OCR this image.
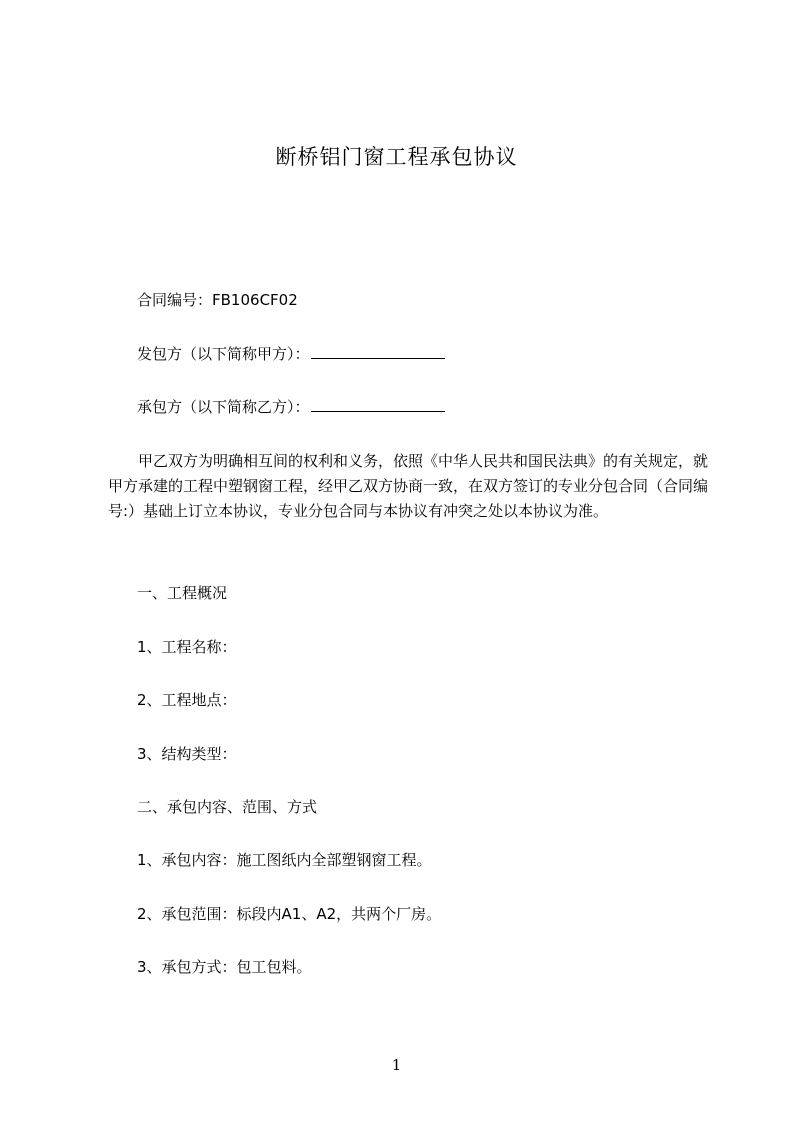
断桥铝门窗工程承包协议
合同编号：FB106CF02
发包方（以下简称甲方）：
承包方（以下简称乙方）：
甲乙双方为明确相互间的权利和义务，依照《中华人民共和国民法典》的有关规定，就甲方承建的工程中塑钢窗工程，经甲乙双方协商一致，在双方签订的专业分包合同（合同编号:）基础上订立本协议，专业分包合同与本协议有冲突之处以本协议为准。
一、工程概况
1、工程名称：
2、工程地点：
3、结构类型：
二、承包内容、范围、方式
1、承包内容：施工图纸内全部塑钢窗工程。
2、承包范围：标段内A1、A2，共两个厂房。
3、承包方式：包工包料。
1
